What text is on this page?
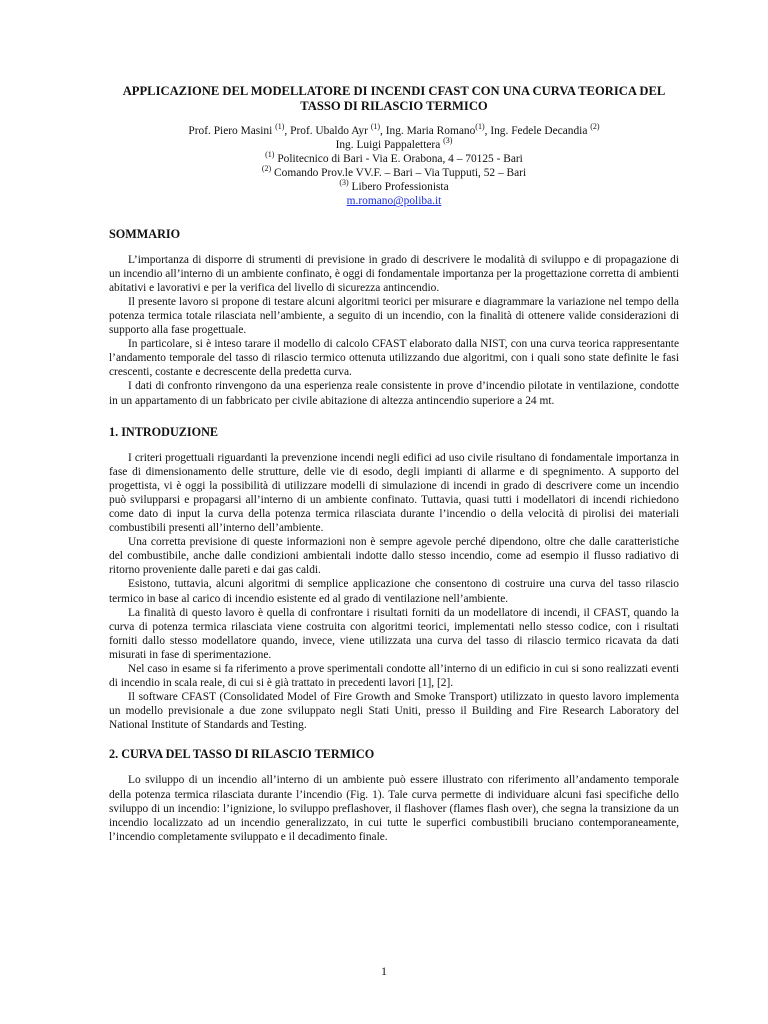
APPLICAZIONE DEL MODELLATORE DI INCENDI CFAST CON UNA CURVA TEORICA DEL TASSO DI RILASCIO TERMICO
Prof. Piero Masini $^{(1)}$, Prof. Ubaldo Ayr $^{(1)}$, Ing. Maria Romano$^{(1)}$, Ing. Fedele Decandia $^{(2)}$
Ing. Luigi Pappalettera $^{(3)}$
$^{(1)}$ Politecnico di Bari - Via E. Orabona, 4 – 70125 - Bari
$^{(2)}$ Comando Prov.le VV.F. – Bari – Via Tupputi, 52 – Bari
$^{(3)}$ Libero Professionista
m.romano@poliba.it
SOMMARIO

L’importanza di disporre di strumenti di previsione in grado di descrivere le modalità di sviluppo e di propagazione di un incendio all’interno di un ambiente confinato, è oggi di fondamentale importanza per la progettazione corretta di ambienti abitativi e lavorativi e per la verifica del livello di sicurezza antincendio.

Il presente lavoro si propone di testare alcuni algoritmi teorici per misurare e diagrammare la variazione nel tempo della potenza termica totale rilasciata nell’ambiente, a seguito di un incendio, con la finalità di ottenere valide considerazioni di supporto alla fase progettuale.

In particolare, si è inteso tarare il modello di calcolo CFAST elaborato dalla NIST, con una curva teorica rappresentante l’andamento temporale del tasso di rilascio termico ottenuta utilizzando due algoritmi, con i quali sono state definite le fasi crescenti, costante e decrescente della predetta curva.

I dati di confronto rinvengono da una esperienza reale consistente in prove d’incendio pilotate in ventilazione, condotte in un appartamento di un fabbricato per civile abitazione di altezza antincendio superiore a 24 mt.

1. INTRODUZIONE

I criteri progettuali riguardanti la prevenzione incendi negli edifici ad uso civile risultano di fondamentale importanza in fase di dimensionamento delle strutture, delle vie di esodo, degli impianti di allarme e di spegnimento. A supporto del progettista, vi è oggi la possibilità di utilizzare modelli di simulazione di incendi in grado di descrivere come un incendio può svilupparsi e propagarsi all’interno di un ambiente confinato. Tuttavia, quasi tutti i modellatori di incendi richiedono come dato di input la curva della potenza termica rilasciata durante l’incendio o della velocità di pirolisi dei materiali combustibili presenti all’interno dell’ambiente.

Una corretta previsione di queste informazioni non è sempre agevole perché dipendono, oltre che dalle caratteristiche del combustibile, anche dalle condizioni ambientali indotte dallo stesso incendio, come ad esempio il flusso radiativo di ritorno proveniente dalle pareti e dai gas caldi.

Esistono, tuttavia, alcuni algoritmi di semplice applicazione che consentono di costruire una curva del tasso rilascio termico in base al carico di incendio esistente ed al grado di ventilazione nell’ambiente.

La finalità di questo lavoro è quella di confrontare i risultati forniti da un modellatore di incendi, il CFAST, quando la curva di potenza termica rilasciata viene costruita con algoritmi teorici, implementati nello stesso codice, con i risultati forniti dallo stesso modellatore quando, invece, viene utilizzata una curva del tasso di rilascio termico ricavata da dati misurati in fase di sperimentazione.

Nel caso in esame si fa riferimento a prove sperimentali condotte all’interno di un edificio in cui si sono realizzati eventi di incendio in scala reale, di cui si è già trattato in precedenti lavori [1], [2].

Il software CFAST (Consolidated Model of Fire Growth and Smoke Transport) utilizzato in questo lavoro implementa un modello previsionale a due zone sviluppato negli Stati Uniti, presso il Building and Fire Research Laboratory del National Institute of Standards and Testing.

2. CURVA DEL TASSO DI RILASCIO TERMICO

Lo sviluppo di un incendio all’interno di un ambiente può essere illustrato con riferimento all’andamento temporale della potenza termica rilasciata durante l’incendio (Fig. 1). Tale curva permette di individuare alcuni fasi specifiche dello sviluppo di un incendio: l’ignizione, lo sviluppo preflashover, il flashover (flames flash over), che segna la transizione da un incendio localizzato ad un incendio generalizzato, in cui tutte le superfici combustibili bruciano contemporaneamente, l’incendio completamente sviluppato e il decadimento finale.

1
